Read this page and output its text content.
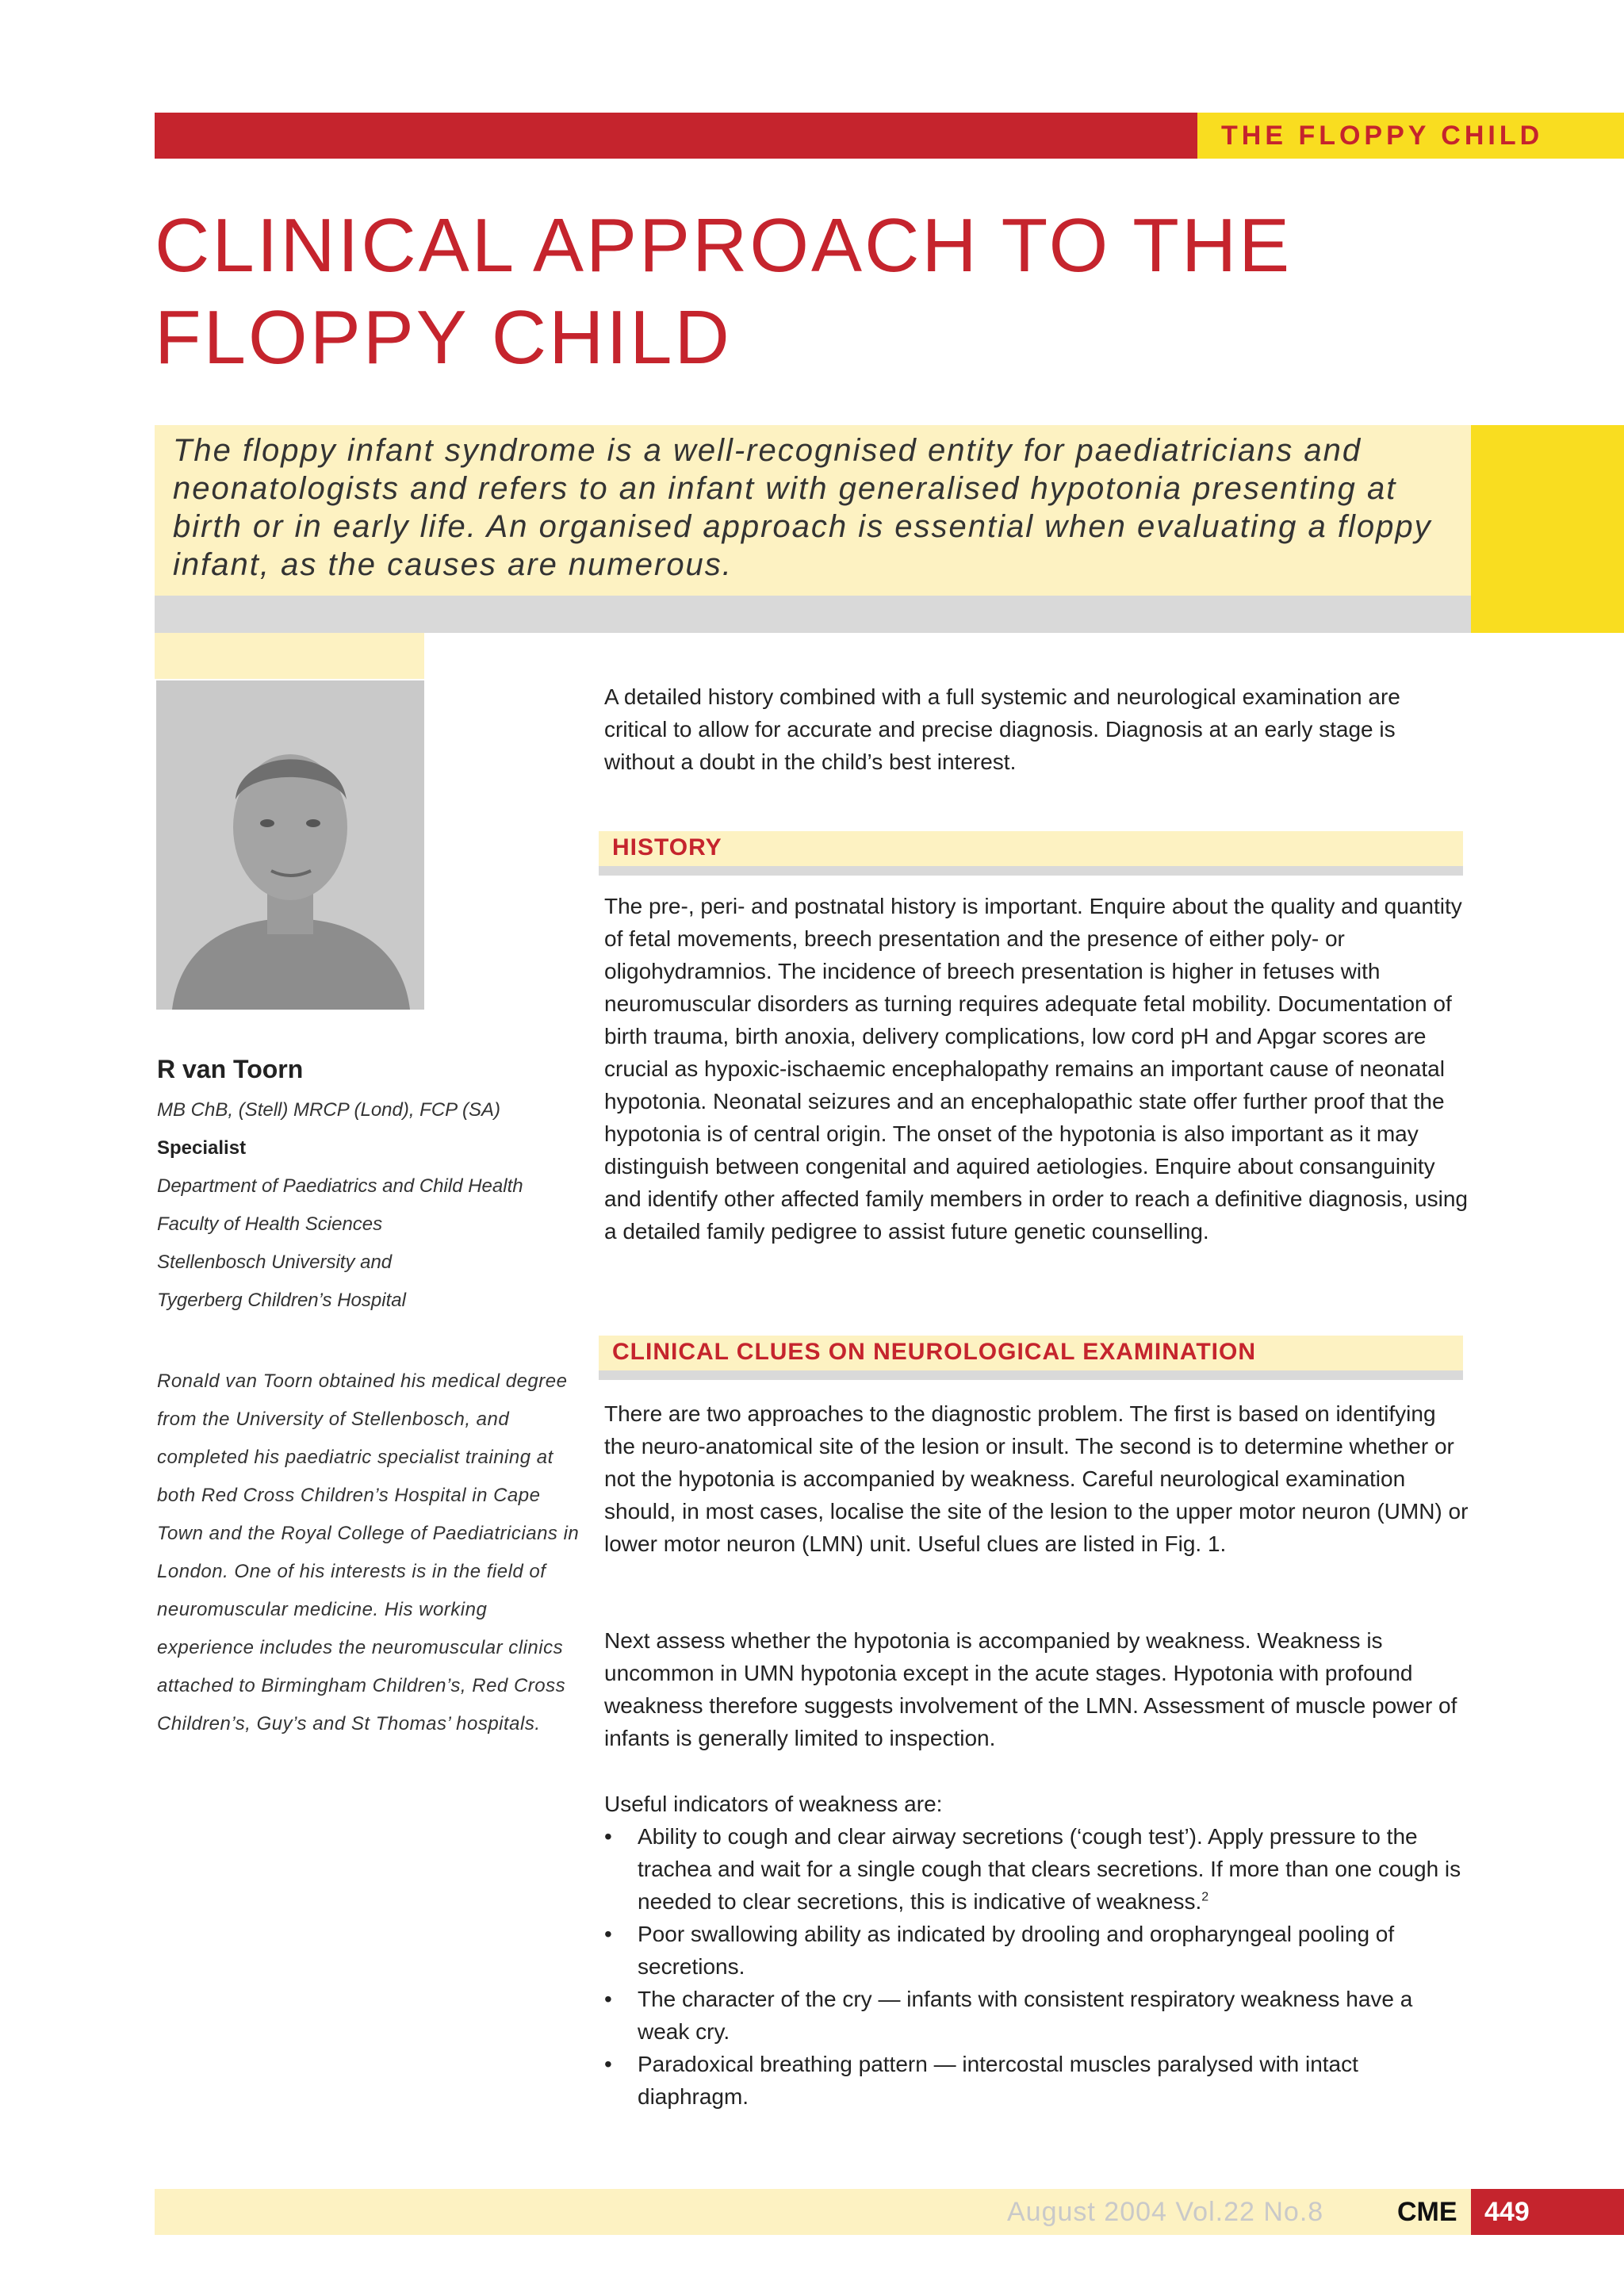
THE FLOPPY CHILD
CLINICAL APPROACH TO THE FLOPPY CHILD

The floppy infant syndrome is a well-recognised entity for paediatricians and neonatologists and refers to an infant with generalised hypotonia presenting at birth or in early life. An organised approach is essential when evaluating a floppy infant, as the causes are numerous.

R van Toorn
MB ChB, (Stell) MRCP (Lond), FCP (SA)
Specialist
Department of Paediatrics and Child Health
Faculty of Health Sciences
Stellenbosch University and
Tygerberg Children’s Hospital
Ronald van Toorn obtained his medical degree from the University of Stellenbosch, and completed his paediatric specialist training at both Red Cross Children’s Hospital in Cape Town and the Royal College of Paediatricians in London. One of his interests is in the field of neuromuscular medicine. His working experience includes the neuromuscular clinics attached to Birmingham Children’s, Red Cross Children’s, Guy’s and St Thomas’ hospitals.

A detailed history combined with a full systemic and neurological examination are critical to allow for accurate and precise diagnosis. Diagnosis at an early stage is without a doubt in the child’s best interest.

HISTORY

The pre-, peri- and postnatal history is important. Enquire about the quality and quantity of fetal movements, breech presentation and the presence of either poly- or oligohydramnios. The incidence of breech presentation is higher in fetuses with neuromuscular disorders as turning requires adequate fetal mobility. Documentation of birth trauma, birth anoxia, delivery complications, low cord pH and Apgar scores are crucial as hypoxic-ischaemic encephalopathy remains an important cause of neonatal hypotonia. Neonatal seizures and an encephalopathic state offer further proof that the hypotonia is of central origin. The onset of the hypotonia is also important as it may distinguish between congenital and aquired aetiologies. Enquire about consanguinity and identify other affected family members in order to reach a definitive diagnosis, using a detailed family pedigree to assist future genetic counselling.

CLINICAL CLUES ON NEUROLOGICAL EXAMINATION

There are two approaches to the diagnostic problem. The first is based on identifying the neuro-anatomical site of the lesion or insult. The second is to determine whether or not the hypotonia is accompanied by weakness. Careful neurological examination should, in most cases, localise the site of the lesion to the upper motor neuron (UMN) or lower motor neuron (LMN) unit. Useful clues are listed in Fig. 1.

Next assess whether the hypotonia is accompanied by weakness. Weakness is uncommon in UMN hypotonia except in the acute stages. Hypotonia with profound weakness therefore suggests involvement of the LMN. Assessment of muscle power of infants is generally limited to inspection.

Useful indicators of weakness are:

• Ability to cough and clear airway secretions (‘cough test’). Apply pressure to the trachea and wait for a single cough that clears secretions. If more than one cough is needed to clear secretions, this is indicative of weakness.$^2$
• Poor swallowing ability as indicated by drooling and oropharyngeal pooling of secretions.
• The character of the cry — infants with consistent respiratory weakness have a weak cry.
• Paradoxical breathing pattern — intercostal muscles paralysed with intact diaphragm.
August 2004 Vol.22 No.8	CME 449
